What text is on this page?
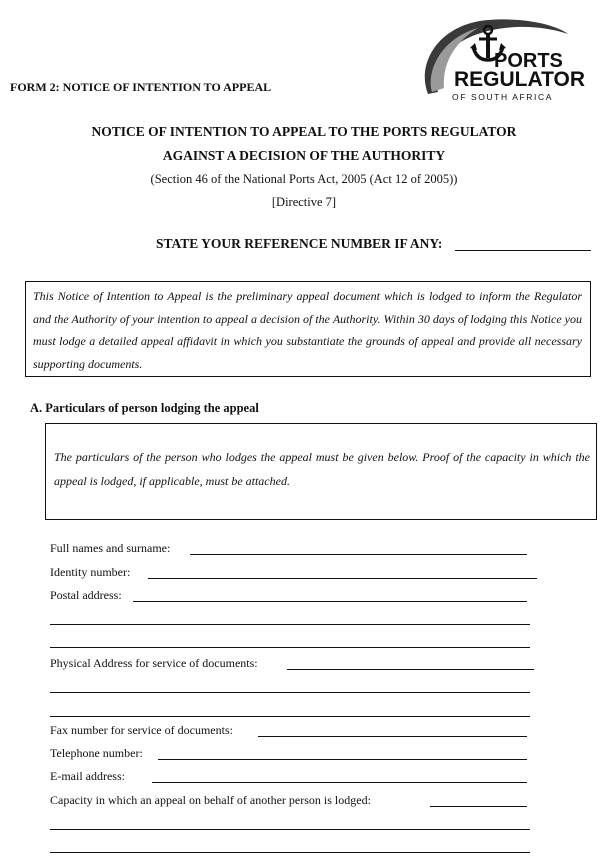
FORM 2: NOTICE OF INTENTION TO APPEAL
PORTS
REGULATOR
OF SOUTH AFRICA
NOTICE OF INTENTION TO APPEAL TO THE PORTS REGULATOR
AGAINST A DECISION OF THE AUTHORITY
(Section 46 of the National Ports Act, 2005 (Act 12 of 2005))
[Directive 7]
STATE YOUR REFERENCE NUMBER IF ANY:
This Notice of Intention to Appeal is the preliminary appeal document which is lodged to inform the Regulator and the Authority of your intention to appeal a decision of the Authority. Within 30 days of lodging this Notice you must lodge a detailed appeal affidavit in which you substantiate the grounds of appeal and provide all necessary supporting documents.
A. Particulars of person lodging the appeal
The particulars of the person who lodges the appeal must be given below. Proof of the capacity in which the appeal is lodged, if applicable, must be attached.
Full names and surname:
Identity number:
Postal address:
Physical Address for service of documents:
Fax number for service of documents:
Telephone number:
E-mail address:
Capacity in which an appeal on behalf of another person is lodged:
